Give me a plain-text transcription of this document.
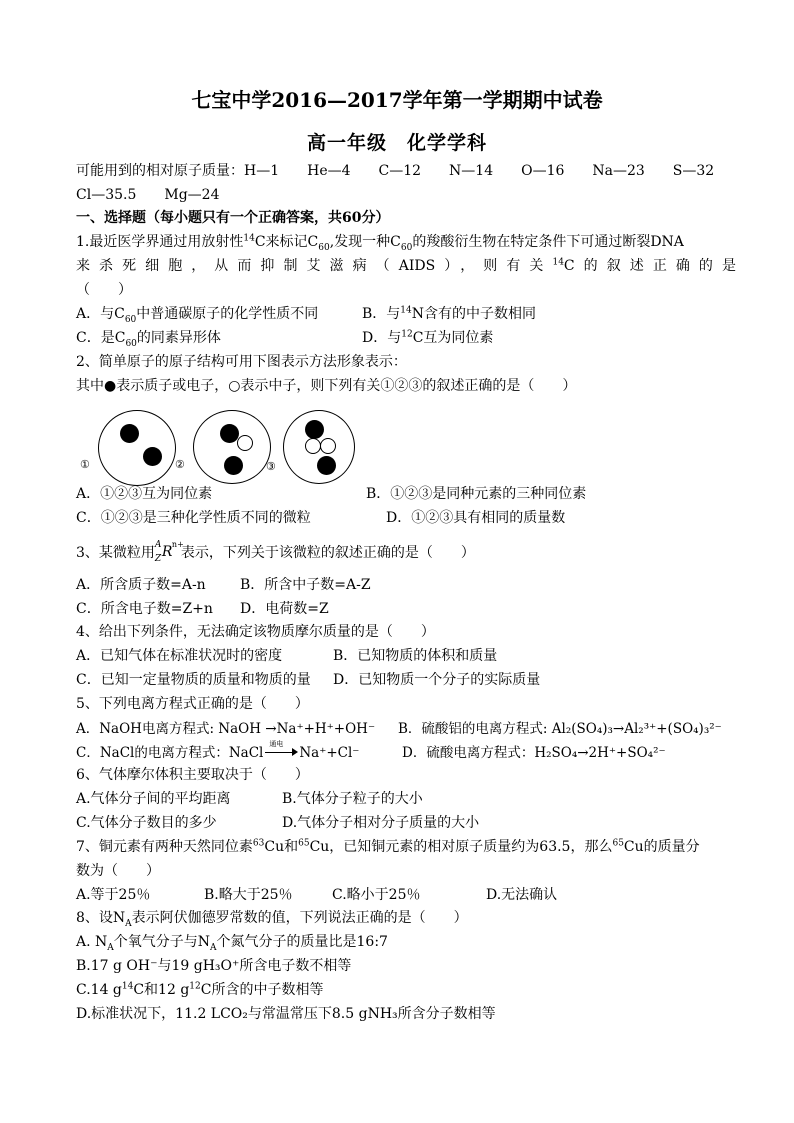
七宝中学2016—2017学年第一学期期中试卷
高一年级　化学学科
可能用到的相对原子质量：H—1　　He—4　　C—12　　N—14　　O—16　　Na—23　　S—32
Cl—35.5　　Mg—24
一、选择题（每小题只有一个正确答案，共60分）
1.最近医学界通过用放射性$^{14}$C来标记$C_{60}$,发现一种$C_{60}$的羧酸衍生物在特定条件下可通过断裂DNA
来杀死细胞，从而抑制艾滋病（AIDS），则有关$^{14}$C的叙述正确的是
（　　）
A．与$C_{60}$中普通碳原子的化学性质不同	B．与$^{14}$N含有的中子数相同
C．是$C_{60}$的同素异形体	D．与$^{12}$C互为同位素
2、简单原子的原子结构可用下图表示方法形象表示：
其中●表示质子或电子，○表示中子，则下列有关①②③的叙述正确的是（　　）
①	②	③
A．①②③互为同位素	B．①②③是同种元素的三种同位素
C．①②③是三种化学性质不同的微粒	D．①②③具有相同的质量数
3、某微粒用 A
Z R n+
表示，下列关于该微粒的叙述正确的是（　　）
A．所含质子数=A-n B．所含中子数=A-Z
C．所含电子数=Z+n D．电荷数=Z
4、给出下列条件，无法确定该物质摩尔质量的是（　　）
A．已知气体在标准状况时的密度	B．已知物质的体积和质量
C．已知一定量物质的质量和物质的量 D．已知物质一个分子的实际质量
5、下列电离方程式正确的是（　　）
A．NaOH电离方程式: NaOH →Na⁺+H⁺+OH⁻ B．硫酸铝的电离方程式: Al₂(SO₄)₃→Al₂³⁺+(SO₄)₃²⁻
C．NaCl的电离方程式：NaCl
通电
Na⁺+Cl⁻	D．硫酸电离方程式：H₂SO₄→2H⁺+SO₄²⁻
6、气体摩尔体积主要取决于（　　）
A.气体分子间的平均距离	B.气体分子粒子的大小
C.气体分子数目的多少	D.气体分子相对分子质量的大小
7、铜元素有两种天然同位素$^{63}$Cu和$^{65}$Cu，已知铜元素的相对原子质量约为63.5，那么$^{65}$Cu的质量分
数为（　　）
A.等于25％	B.略大于25％	C.略小于25％	D.无法确认
8、设$N_A$表示阿伏伽德罗常数的值，下列说法正确的是（　　）
A. $N_A$个氧气分子与$N_A$个氮气分子的质量比是16:7
B.17 g OH⁻与19 gH₃O⁺所含电子数不相等
C.14 $g^{14}C$和12 $g^{12}C$所含的中子数相等
D.标准状况下，11.2 LCO₂与常温常压下8.5 gNH₃所含分子数相等
